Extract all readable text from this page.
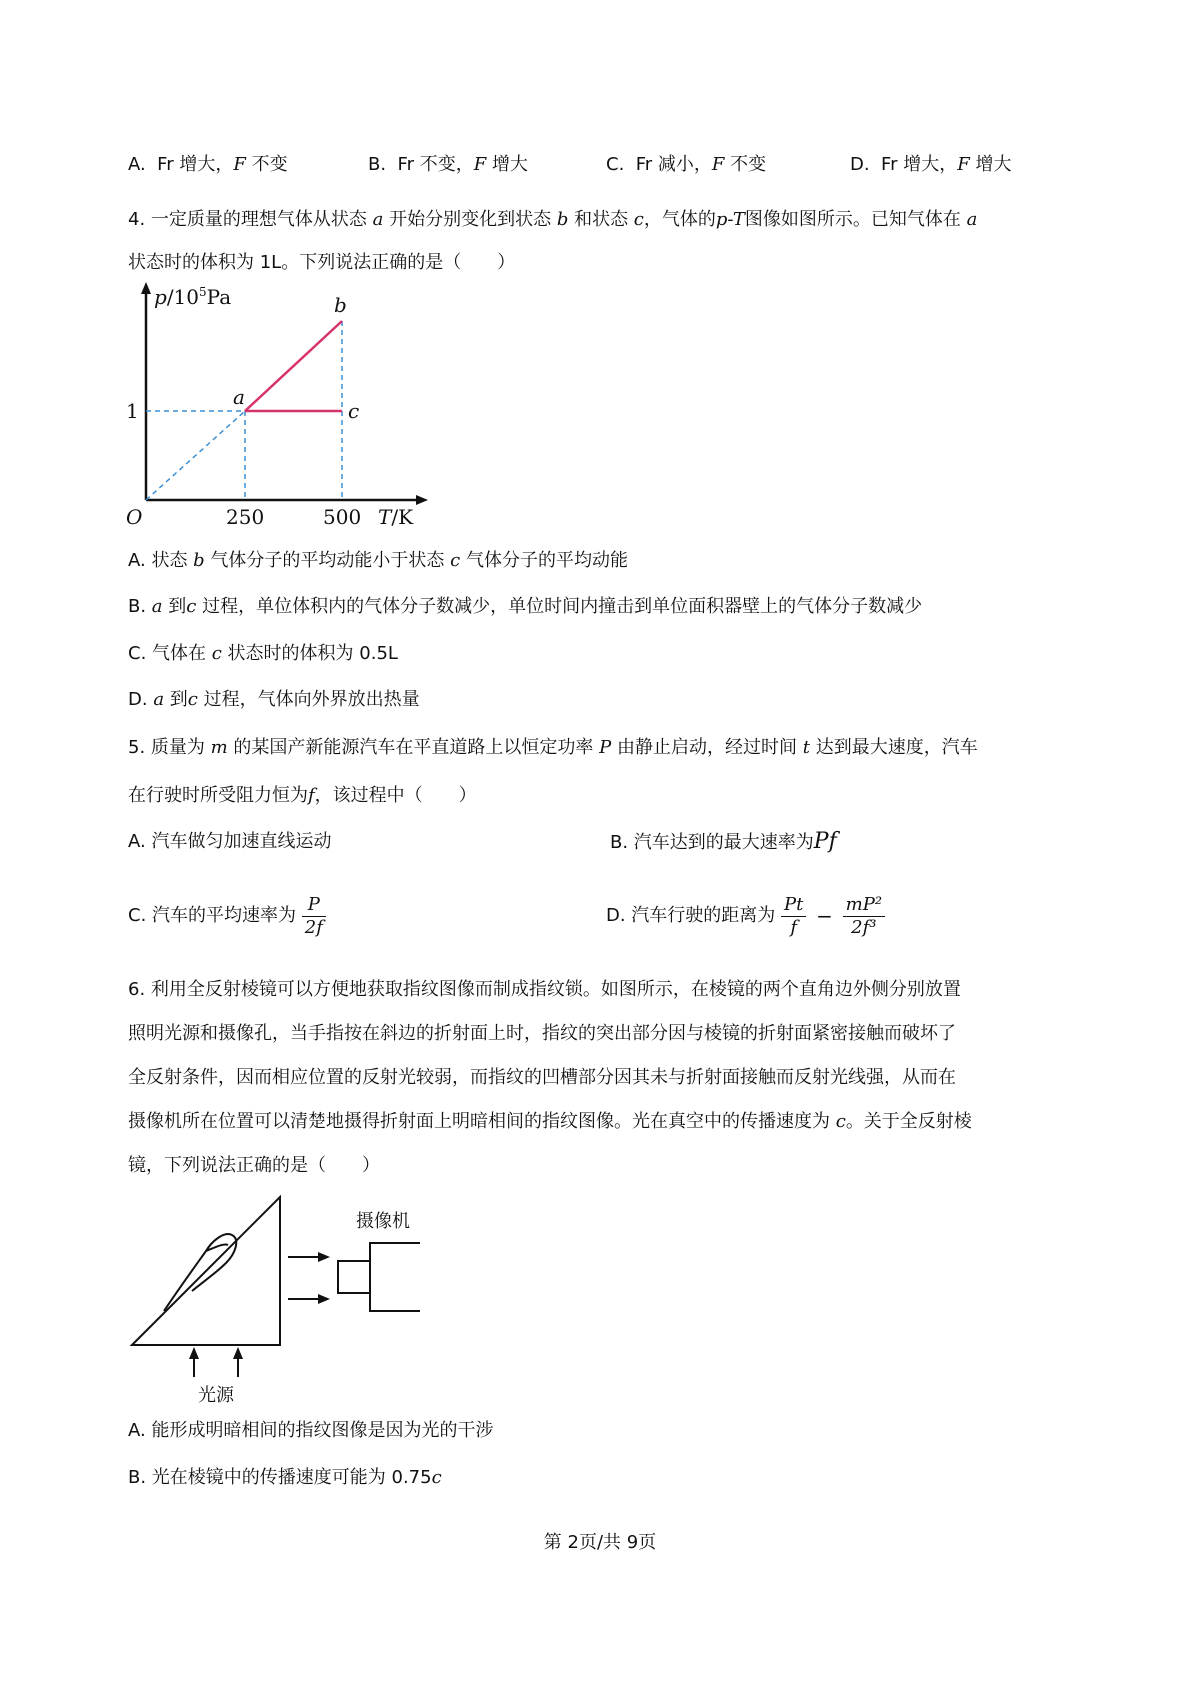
A. Fr 增大，F 不变	B. Fr 不变，F 增大	C. Fr 减小，F 不变	D. Fr 增大，F 增大
4. 一定质量的理想气体从状态 a 开始分别变化到状态 b 和状态 c，气体的p-T图像如图所示。已知气体在 a
状态时的体积为 1L。下列说法正确的是（　　）
$p/10^5Pa$
T/K
O
1
250	500
a
b
c
A. 状态 b 气体分子的平均动能小于状态 c 气体分子的平均动能
B. a 到c 过程，单位体积内的气体分子数减少，单位时间内撞击到单位面积器壁上的气体分子数减少
C. 气体在 c 状态时的体积为 0.5L
D. a 到c 过程，气体向外界放出热量
5. 质量为 m 的某国产新能源汽车在平直道路上以恒定功率 P 由静止启动，经过时间 t 达到最大速度，汽车
在行驶时所受阻力恒为f，该过程中（　　）
A. 汽车做匀加速直线运动	B. 汽车达到的最大速率为Pf
C. 汽车的平均速率为 $\frac{P}{2f}$	D. 汽车行驶的距离为 $\frac{Pt}{f} - \frac{\text{mP²}}{\text{2f³}}$
6. 利用全反射棱镜可以方便地获取指纹图像而制成指纹锁。如图所示，在棱镜的两个直角边外侧分别放置
照明光源和摄像孔，当手指按在斜边的折射面上时，指纹的突出部分因与棱镜的折射面紧密接触而破坏了
全反射条件，因而相应位置的反射光较弱，而指纹的凹槽部分因其未与折射面接触而反射光线强，从而在
摄像机所在位置可以清楚地摄得折射面上明暗相间的指纹图像。光在真空中的传播速度为 c。关于全反射棱
镜，下列说法正确的是（　　）
摄像机
光源
A. 能形成明暗相间的指纹图像是因为光的干涉
B. 光在棱镜中的传播速度可能为 0.75c
第 2页/共 9页
